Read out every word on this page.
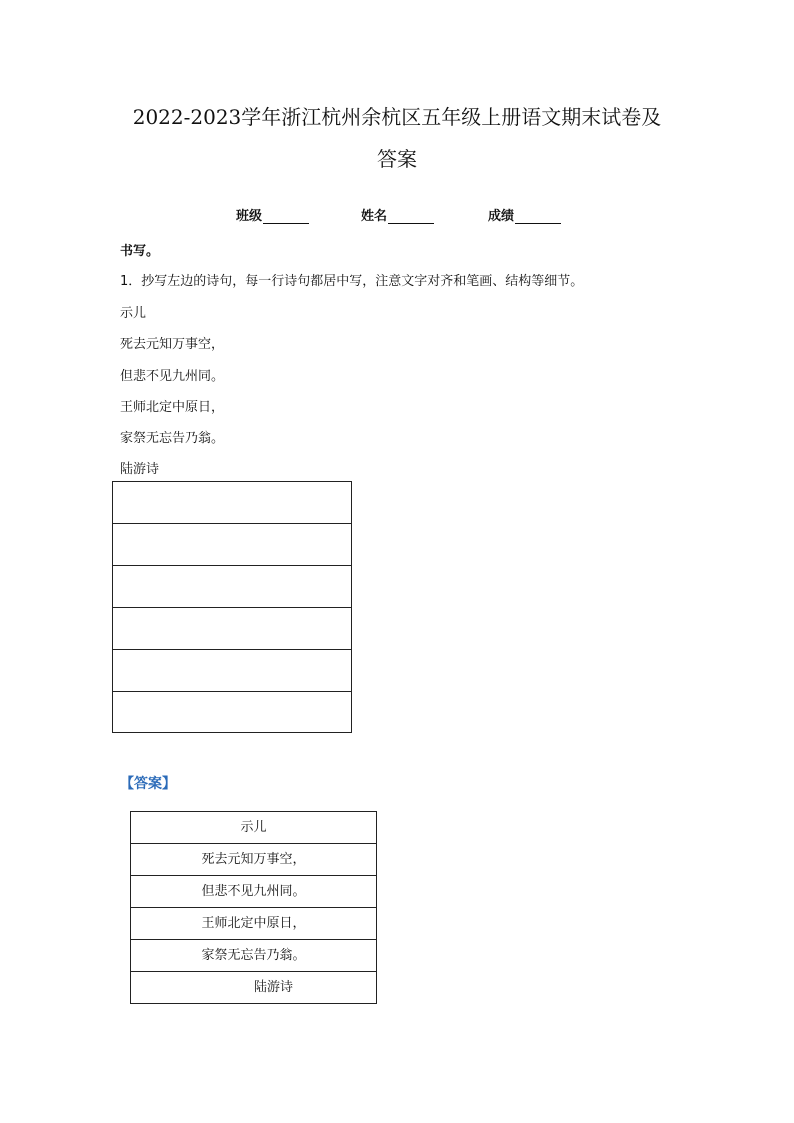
2022-2023学年浙江杭州余杭区五年级上册语文期末试卷及
答案
班级	姓名	成绩
书写。
1．抄写左边的诗句，每一行诗句都居中写，注意文字对齐和笔画、结构等细节。
示儿
死去元知万事空，
但悲不见九州同。
王师北定中原日，
家祭无忘告乃翁。
陆游诗
【答案】
示儿
死去元知万事空，
但悲不见九州同。
王师北定中原日，
家祭无忘告乃翁。
陆游诗
